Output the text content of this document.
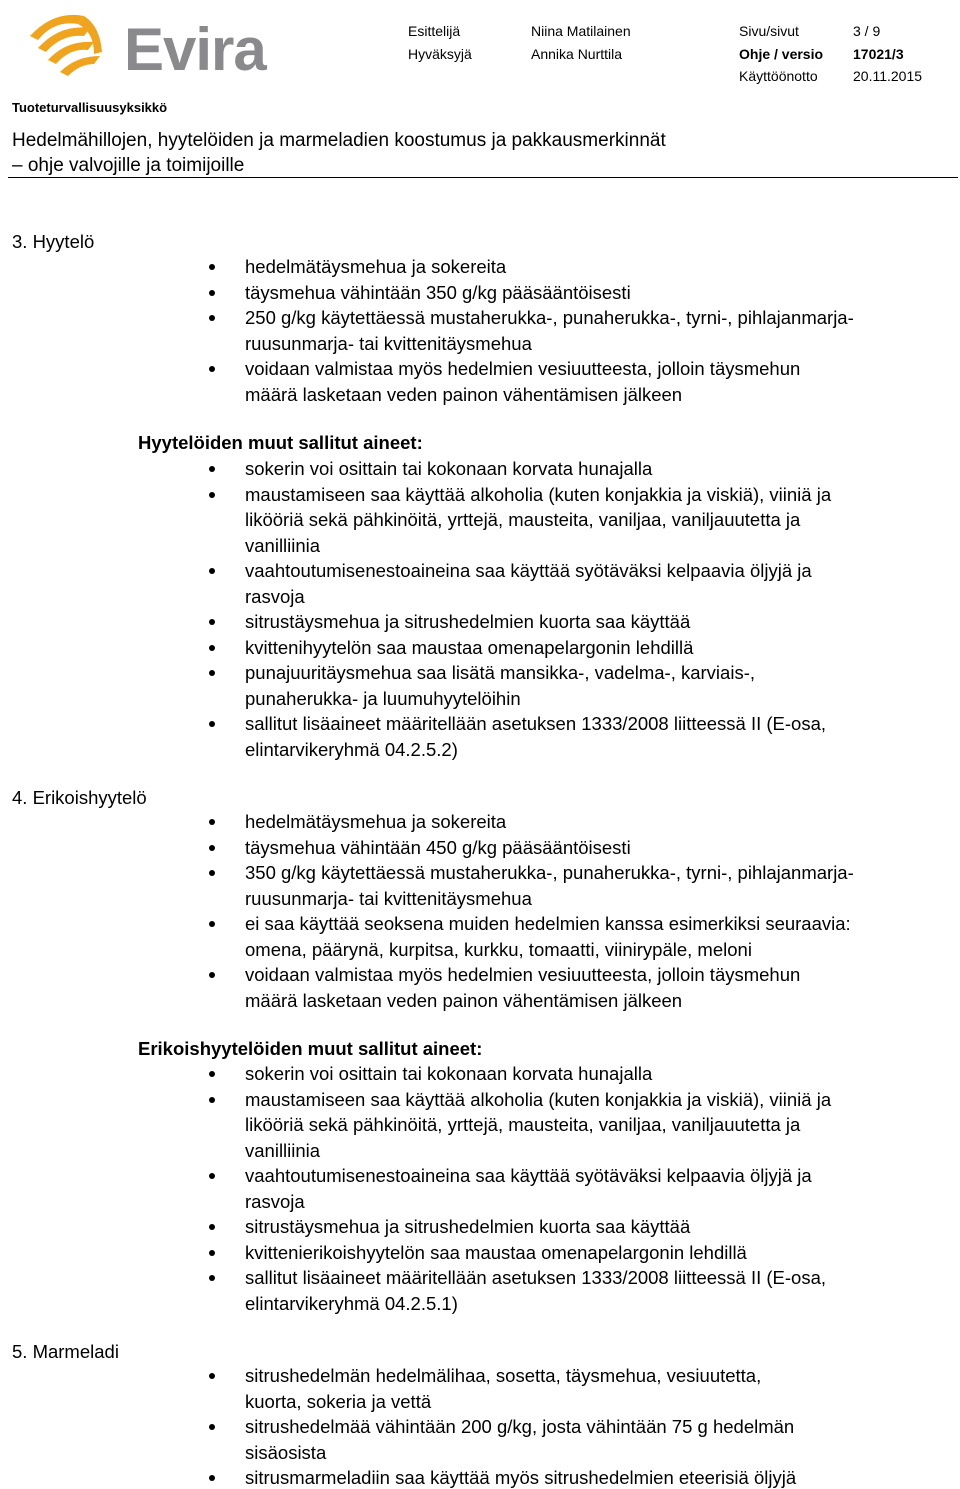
Evira	Esittelijä	Niina Matilainen	Sivu/sivut	3 / 9
Hyväksyjä	Annika Nurttila	Ohje / versio 17021/3
Käyttöönotto	20.11.2015
Tuoteturvallisuusyksikkö
Hedelmähillojen, hyytelöiden ja marmeladien koostumus ja pakkausmerkinnät
– ohje valvojille ja toimijoille
3. Hyytelö
hedelmätäysmehua ja sokereita
täysmehua vähintään 350 g/kg pääsääntöisesti
250 g/kg käytettäessä mustaherukka-, punaherukka-, tyrni-, pihlajanmarja-
ruusunmarja- tai kvittenitäysmehua
voidaan valmistaa myös hedelmien vesiuutteesta, jolloin täysmehun
määrä lasketaan veden painon vähentämisen jälkeen
Hyytelöiden muut sallitut aineet:
sokerin voi osittain tai kokonaan korvata hunajalla
maustamiseen saa käyttää alkoholia (kuten konjakkia ja viskiä), viiniä ja
likööriä sekä pähkinöitä, yrttejä, mausteita, vaniljaa, vaniljauutetta ja
vanilliinia
vaahtoutumisenestoaineina saa käyttää syötäväksi kelpaavia öljyjä ja
rasvoja
sitrustäysmehua ja sitrushedelmien kuorta saa käyttää
kvittenihyytelön saa maustaa omenapelargonin lehdillä
punajuuritäysmehua saa lisätä mansikka-, vadelma-, karviais-,
punaherukka- ja luumuhyytelöihin
sallitut lisäaineet määritellään asetuksen 1333/2008 liitteessä II (E-osa,
elintarvikeryhmä 04.2.5.2)
4. Erikoishyytelö
hedelmätäysmehua ja sokereita
täysmehua vähintään 450 g/kg pääsääntöisesti
350 g/kg käytettäessä mustaherukka-, punaherukka-, tyrni-, pihlajanmarja-
ruusunmarja- tai kvittenitäysmehua
ei saa käyttää seoksena muiden hedelmien kanssa esimerkiksi seuraavia:
omena, päärynä, kurpitsa, kurkku, tomaatti, viinirypäle, meloni
voidaan valmistaa myös hedelmien vesiuutteesta, jolloin täysmehun
määrä lasketaan veden painon vähentämisen jälkeen
Erikoishyytelöiden muut sallitut aineet:
sokerin voi osittain tai kokonaan korvata hunajalla
maustamiseen saa käyttää alkoholia (kuten konjakkia ja viskiä), viiniä ja
likööriä sekä pähkinöitä, yrttejä, mausteita, vaniljaa, vaniljauutetta ja
vanilliinia
vaahtoutumisenestoaineina saa käyttää syötäväksi kelpaavia öljyjä ja
rasvoja
sitrustäysmehua ja sitrushedelmien kuorta saa käyttää
kvittenierikoishyytelön saa maustaa omenapelargonin lehdillä
sallitut lisäaineet määritellään asetuksen 1333/2008 liitteessä II (E-osa,
elintarvikeryhmä 04.2.5.1)
5. Marmeladi
sitrushedelmän hedelmälihaa, sosetta, täysmehua, vesiuutetta,
kuorta, sokeria ja vettä
sitrushedelmää vähintään 200 g/kg, josta vähintään 75 g hedelmän
sisäosista
sitrusmarmeladiin saa käyttää myös sitrushedelmien eteerisiä öljyjä
